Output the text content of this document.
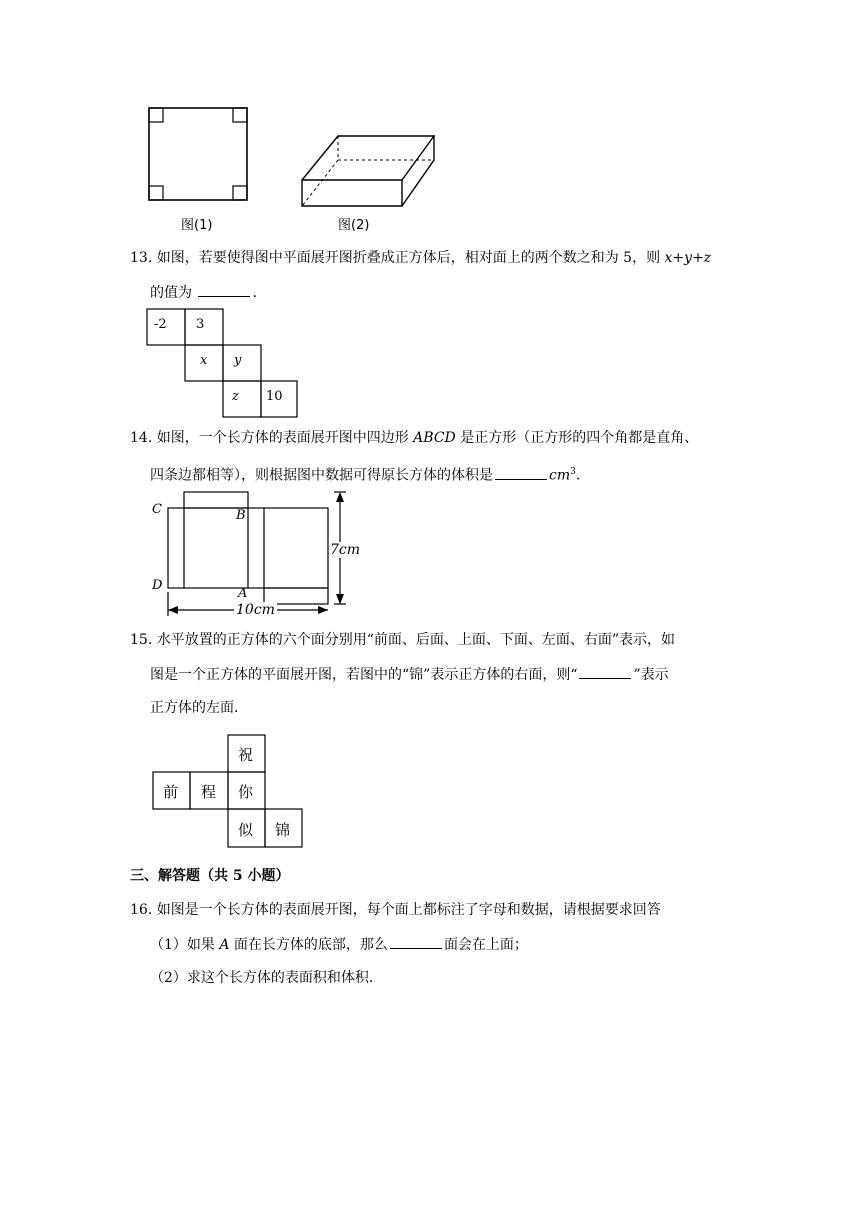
图(1)	图(2)
13. 如图，若要使得图中平面展开图折叠成正方体后，相对面上的两个数之和为 5，则 x+y+z
的值为	.
-2 3
x y
z 10
14. 如图，一个长方体的表面展开图中四边形 ABCD 是正方形（正方形的四个角都是直角、
四条边都相等），则根据图中数据可得原长方体的体积是	$cm^3$.
C	B
D
A
7cm
10cm
15. 水平放置的正方体的六个面分别用“前面、后面、上面、下面、左面、右面”表示，如
图是一个正方体的平面展开图，若图中的“锦”表示正方体的右面，则“	”表示
正方体的左面.
祝
前 程 你
似 锦
三、解答题（共 5 小题）
16. 如图是一个长方体的表面展开图，每个面上都标注了字母和数据，请根据要求回答
（1）如果 A 面在长方体的底部，那么	面会在上面；
（2）求这个长方体的表面积和体积.
